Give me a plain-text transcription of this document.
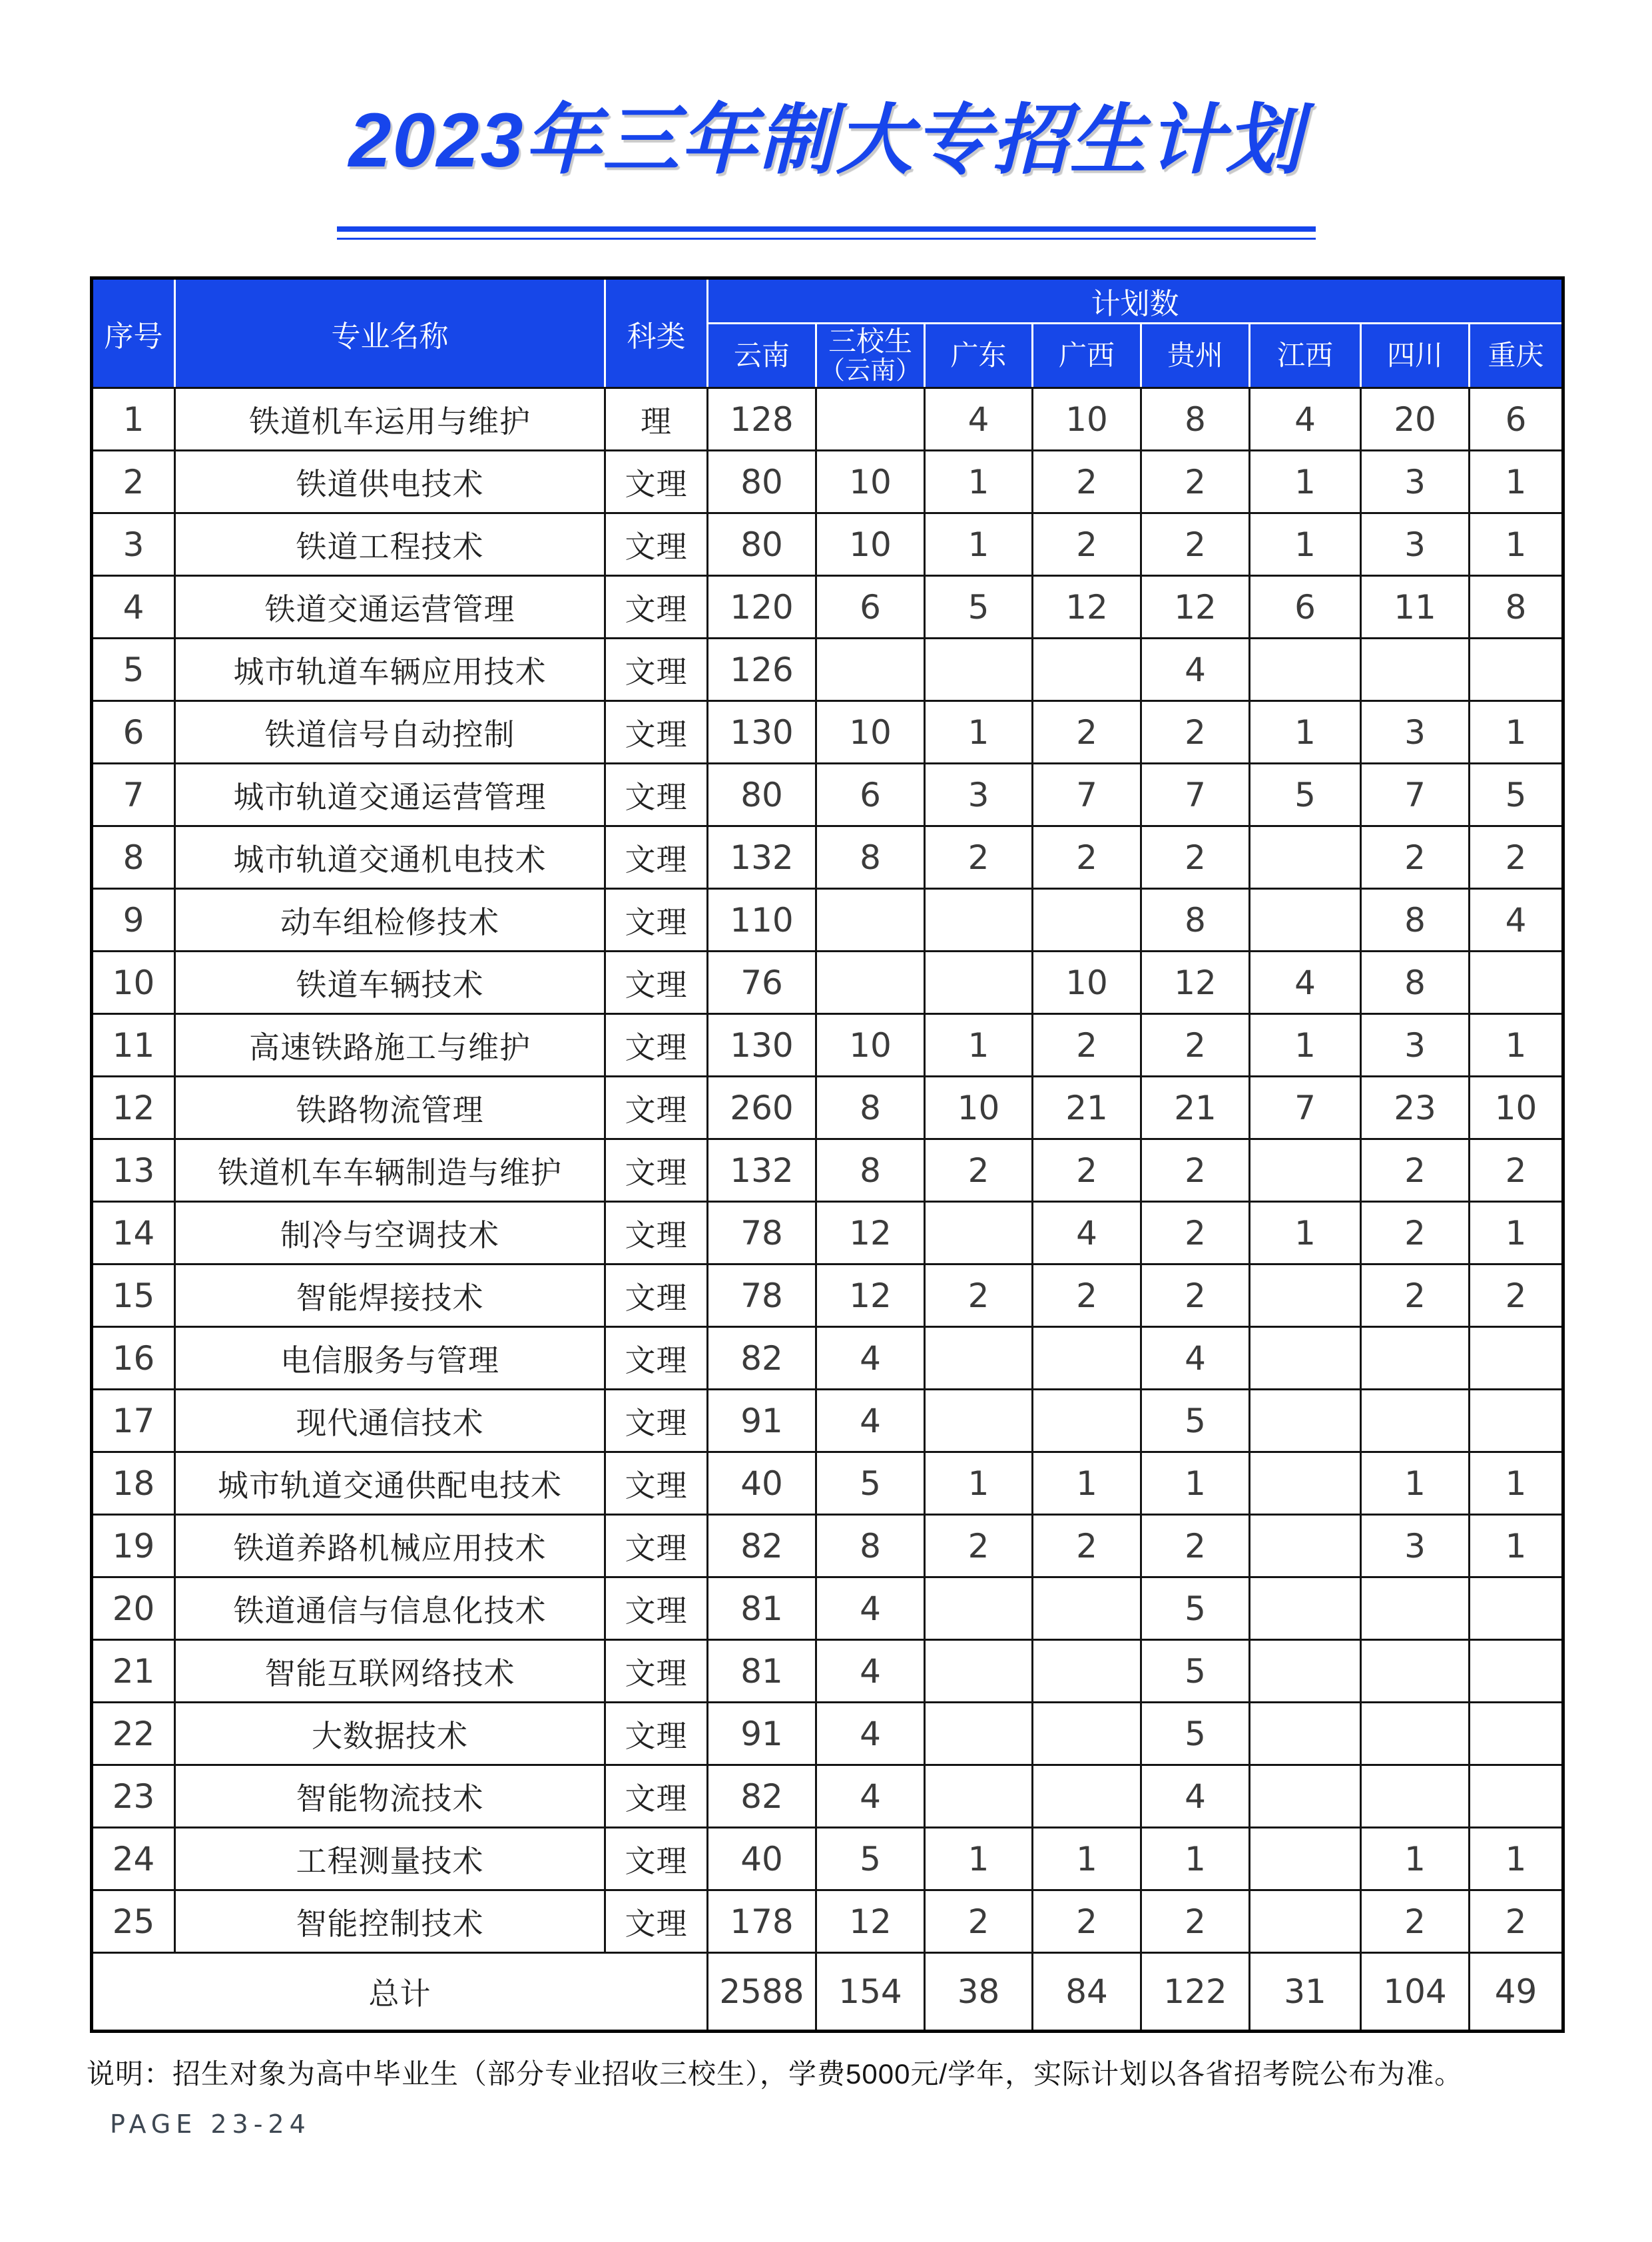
2023年三年制大专招生计划
序号	专业名称	科类	计划数							

			云南	三校生
（云南）	广东	广西	贵州	江西	四川	重庆

1	铁道机车运用与维护	理	128		4	10	8	4	20	6
2	铁道供电技术	文理	80	10	1	2	2	1	3	1
3	铁道工程技术	文理	80	10	1	2	2	1	3	1
4	铁道交通运营管理	文理	120	6	5	12	12	6	11	8
5	城市轨道车辆应用技术	文理	126				4			
6	铁道信号自动控制	文理	130	10	1	2	2	1	3	1
7	城市轨道交通运营管理	文理	80	6	3	7	7	5	7	5
8	城市轨道交通机电技术	文理	132	8	2	2	2		2	2
9	动车组检修技术	文理	110				8		8	4
10	铁道车辆技术	文理	76			10	12	4	8	
11	高速铁路施工与维护	文理	130	10	1	2	2	1	3	1
12	铁路物流管理	文理	260	8	10	21	21	7	23	10
13	铁道机车车辆制造与维护	文理	132	8	2	2	2		2	2
14	制冷与空调技术	文理	78	12		4	2	1	2	1
15	智能焊接技术	文理	78	12	2	2	2		2	2
16	电信服务与管理	文理	82	4			4			
17	现代通信技术	文理	91	4			5			
18	城市轨道交通供配电技术	文理	40	5	1	1	1		1	1
19	铁道养路机械应用技术	文理	82	8	2	2	2		3	1
20	铁道通信与信息化技术	文理	81	4			5			
21	智能互联网络技术	文理	81	4			5			
22	大数据技术	文理	91	4			5			
23	智能物流技术	文理	82	4			4			
24	工程测量技术	文理	40	5	1	1	1		1	1
25	智能控制技术	文理	178	12	2	2	2		2	2
总计			2588	154	38	84	122	31	104	49
说明：招生对象为高中毕业生（部分专业招收三校生），学费5000元/学年，实际计划以各省招考院公布为准。
PAGE 23-24
